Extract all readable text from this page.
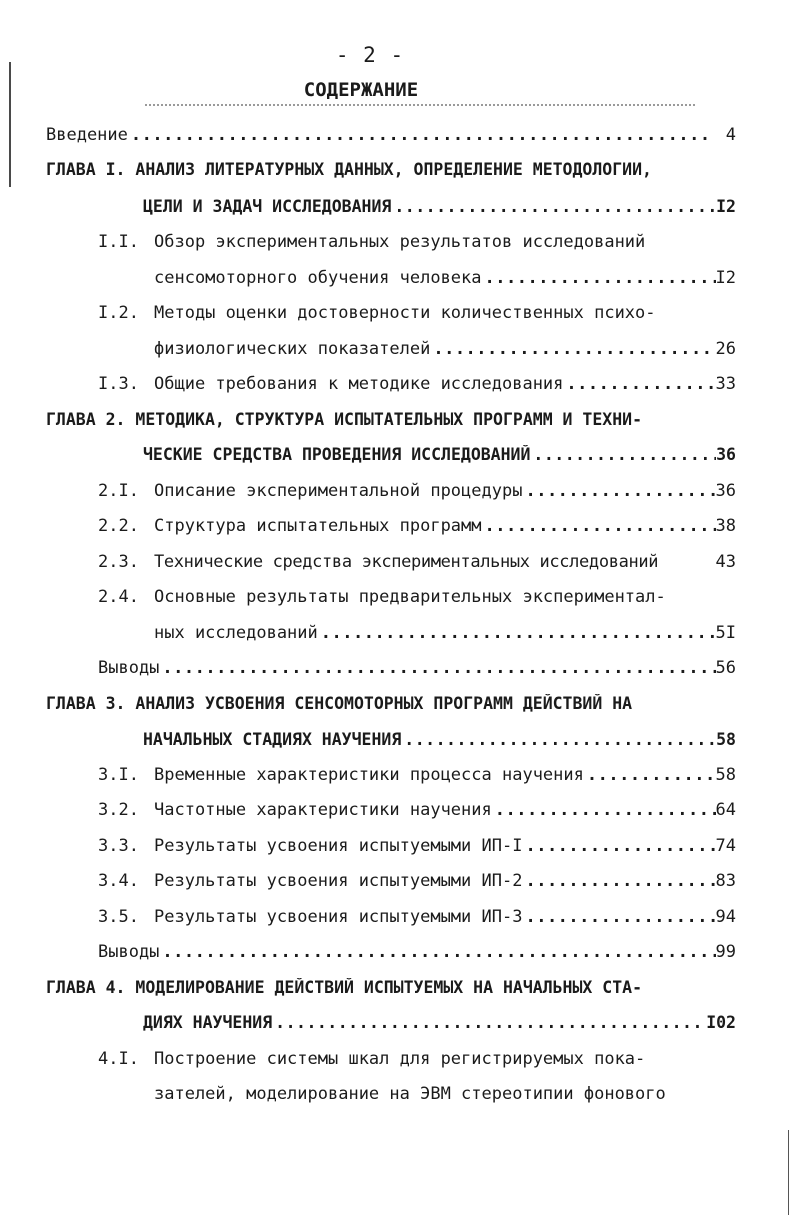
- 2 -
СОДЕРЖАНИЕ
Введение .....	4
ГЛАВА I. АНАЛИЗ ЛИТЕРАТУРНЫХ ДАННЫХ, ОПРЕДЕЛЕНИЕ МЕТОДОЛОГИИ,
ЦЕЛИ И ЗАДАЧ ИССЛЕДОВАНИЯ .....	I2
I.I. Обзор экспериментальных результатов исследований
сенсомоторного обучения человека .....	I2
I.2. Методы оценки достоверности количественных психо-
физиологических показателей .....	26
I.3. Общие требования к методике исследования .....	33
ГЛАВА 2. МЕТОДИКА, СТРУКТУРА ИСПЫТАТЕЛЬНЫХ ПРОГРАММ И ТЕХНИ-
ЧЕСКИЕ СРЕДСТВА ПРОВЕДЕНИЯ ИССЛЕДОВАНИЙ .....	36
2.I. Описание экспериментальной процедуры .....	36
2.2. Структура испытательных программ .....	38
2.3. Технические средства экспериментальных исследований	43
2.4. Основные результаты предварительных экспериментал-
ных исследований .....	5I
Выводы .....	56
ГЛАВА 3. АНАЛИЗ УСВОЕНИЯ СЕНСОМОТОРНЫХ ПРОГРАММ ДЕЙСТВИЙ НА
НАЧАЛЬНЫХ СТАДИЯХ НАУЧЕНИЯ .....	58
3.I. Временные характеристики процесса научения .....	58
3.2. Частотные характеристики научения .....	64
3.3. Результаты усвоения испытуемыми ИП-I .....	74
3.4. Результаты усвоения испытуемыми ИП-2 .....	83
3.5. Результаты усвоения испытуемыми ИП-3 .....	94
Выводы .....	99
ГЛАВА 4. МОДЕЛИРОВАНИЕ ДЕЙСТВИЙ ИСПЫТУЕМЫХ НА НАЧАЛЬНЫХ СТА-
ДИЯХ НАУЧЕНИЯ .....	I02
4.I. Построение системы шкал для регистрируемых пока-
зателей, моделирование на ЭВМ стереотипии фонового
